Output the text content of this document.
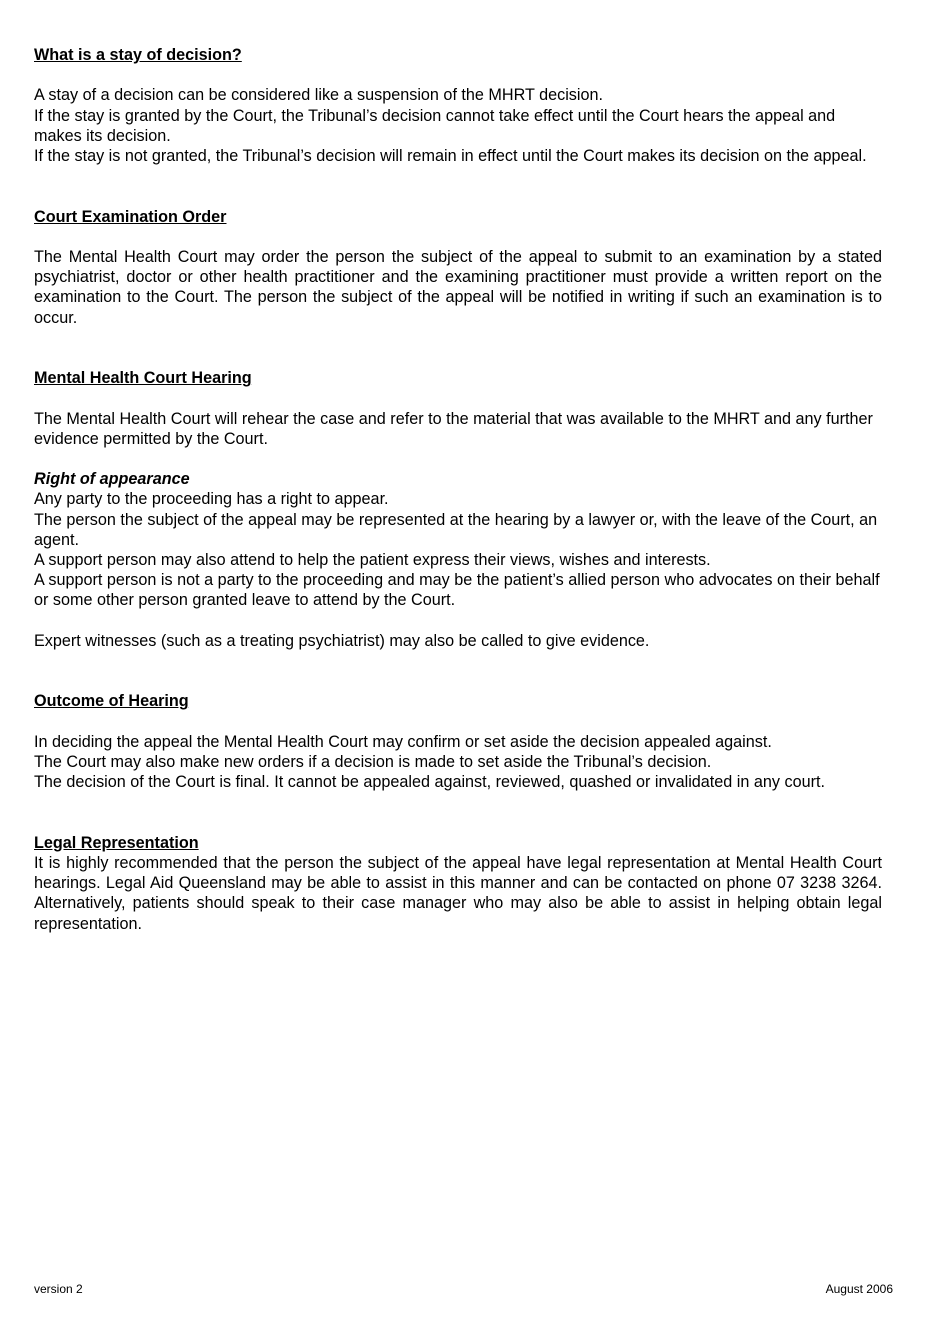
What is a stay of decision?

A stay of a decision can be considered like a suspension of the MHRT decision.

If the stay is granted by the Court, the Tribunal’s decision cannot take effect until the Court hears the appeal and makes its decision.

If the stay is not granted, the Tribunal’s decision will remain in effect until the Court makes its decision on the appeal.

Court Examination Order

The Mental Health Court may order the person the subject of the appeal to submit to an examination by a stated psychiatrist, doctor or other health practitioner and the examining practitioner must provide a written report on the examination to the Court. The person the subject of the appeal will be notified in writing if such an examination is to occur.

Mental Health Court Hearing

The Mental Health Court will rehear the case and refer to the material that was available to the MHRT and any further evidence permitted by the Court.

Right of appearance

Any party to the proceeding has a right to appear.

The person the subject of the appeal may be represented at the hearing by a lawyer or, with the leave of the Court, an agent.

A support person may also attend to help the patient express their views, wishes and interests.

A support person is not a party to the proceeding and may be the patient’s allied person who advocates on their behalf or some other person granted leave to attend by the Court.

Expert witnesses (such as a treating psychiatrist) may also be called to give evidence.

Outcome of Hearing

In deciding the appeal the Mental Health Court may confirm or set aside the decision appealed against.

The Court may also make new orders if a decision is made to set aside the Tribunal’s decision.

The decision of the Court is final. It cannot be appealed against, reviewed, quashed or invalidated in any court.

Legal Representation

It is highly recommended that the person the subject of the appeal have legal representation at Mental Health Court hearings. Legal Aid Queensland may be able to assist in this manner and can be contacted on phone 07 3238 3264. Alternatively, patients should speak to their case manager who may also be able to assist in helping obtain legal representation.

version 2	August 2006
